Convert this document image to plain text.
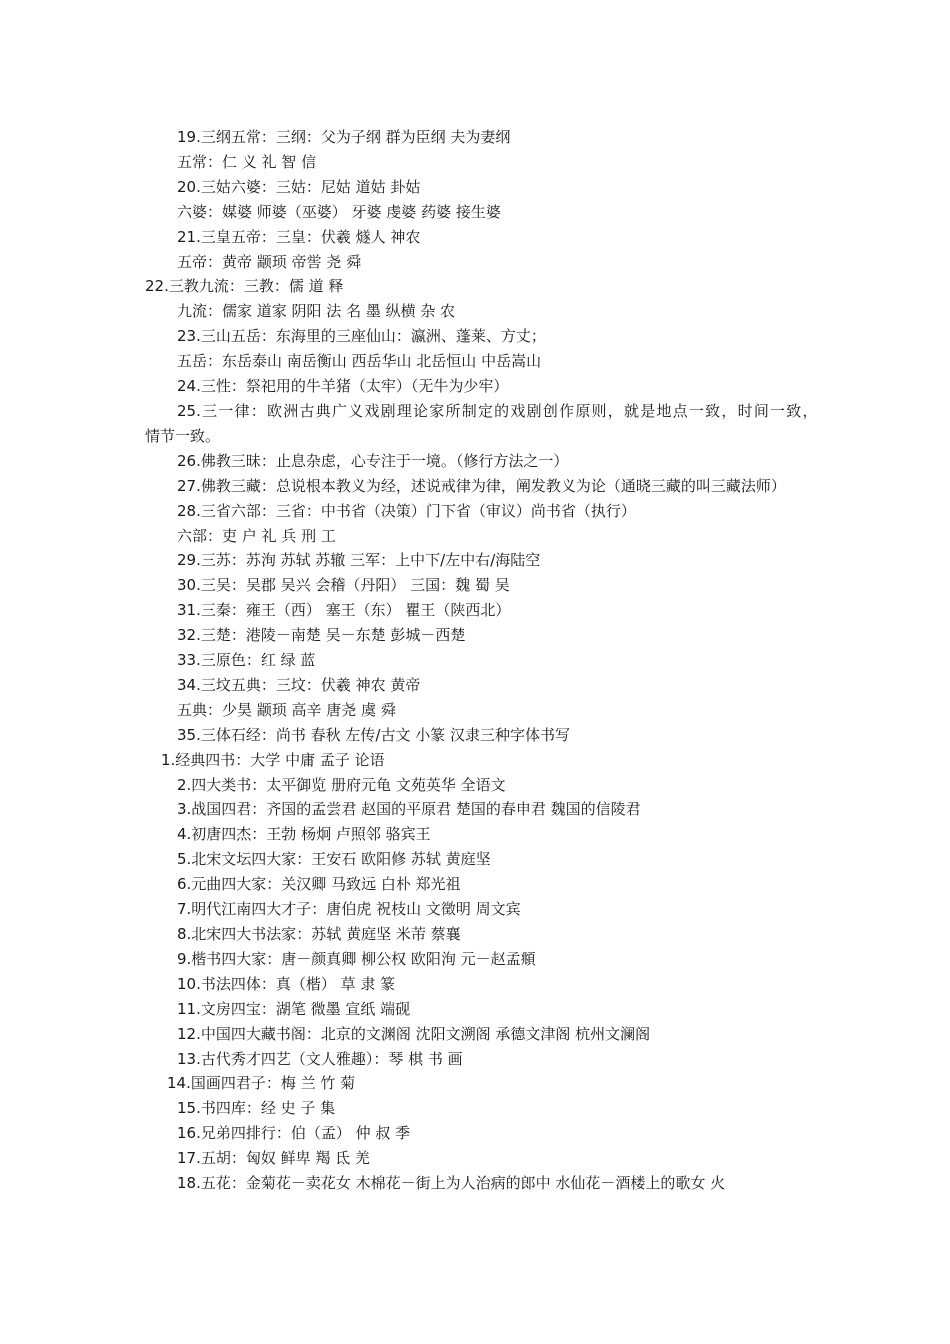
19.三纲五常：三纲：父为子纲 群为臣纲 夫为妻纲
五常：仁 义 礼 智 信
20.三姑六婆：三姑：尼姑 道姑 卦姑
六婆：媒婆 师婆（巫婆） 牙婆 虔婆 药婆 接生婆
21.三皇五帝：三皇：伏羲 燧人 神农
五帝：黄帝 颛顼 帝喾 尧 舜
22.三教九流：三教：儒 道 释
九流：儒家 道家 阴阳 法 名 墨 纵横 杂 农
23.三山五岳：东海里的三座仙山：瀛洲、蓬莱、方丈；
五岳：东岳泰山 南岳衡山 西岳华山 北岳恒山 中岳嵩山
24.三性：祭祀用的牛羊猪（太牢）（无牛为少牢）
25.三一律：欧洲古典广义戏剧理论家所制定的戏剧创作原则，就是地点一致，时间一致，　　　情节一致。
26.佛教三昧：止息杂虑，心专注于一境。（修行方法之一）
27.佛教三藏：总说根本教义为经，述说戒律为律，阐发教义为论（通晓三藏的叫三藏法师）
28.三省六部：三省：中书省（决策）门下省（审议）尚书省（执行）
六部：吏 户 礼 兵 刑 工
29.三苏：苏洵 苏轼 苏辙 三军：上中下/左中右/海陆空
30.三吴：吴郡 吴兴 会稽（丹阳） 三国：魏 蜀 吴
31.三秦：雍王（西） 塞王（东） 瞿王（陕西北）
32.三楚：港陵－南楚 吴－东楚 彭城－西楚
33.三原色：红 绿 蓝
34.三坟五典：三坟：伏羲 神农 黄帝
五典：少昊 颛顼 高辛 唐尧 虞 舜
35.三体石经：尚书 春秋 左传/古文 小篆 汉隶三种字体书写
1.经典四书：大学 中庸 孟子 论语
2.四大类书：太平御览 册府元龟 文苑英华 全语文
3.战国四君：齐国的孟尝君 赵国的平原君 楚国的春申君 魏国的信陵君
4.初唐四杰：王勃 杨炯 卢照邻 骆宾王
5.北宋文坛四大家：王安石 欧阳修 苏轼 黄庭坚
6.元曲四大家：关汉卿 马致远 白朴 郑光祖
7.明代江南四大才子：唐伯虎 祝枝山 文徵明 周文宾
8.北宋四大书法家：苏轼 黄庭坚 米芾 蔡襄
9.楷书四大家：唐－颜真卿 柳公权 欧阳洵 元－赵孟頫
10.书法四体：真（楷） 草 隶 篆
11.文房四宝：湖笔 微墨 宣纸 端砚
12.中国四大藏书阁：北京的文渊阁 沈阳文溯阁 承德文津阁 杭州文澜阁
13.古代秀才四艺（文人雅趣）：琴 棋 书 画
14.国画四君子：梅 兰 竹 菊
15.书四库：经 史 子 集
16.兄弟四排行：伯（孟） 仲 叔 季
17.五胡：匈奴 鲜卑 羯 氐 羌
18.五花：金菊花－卖花女 木棉花－街上为人治病的郎中 水仙花－酒楼上的歌女 火
